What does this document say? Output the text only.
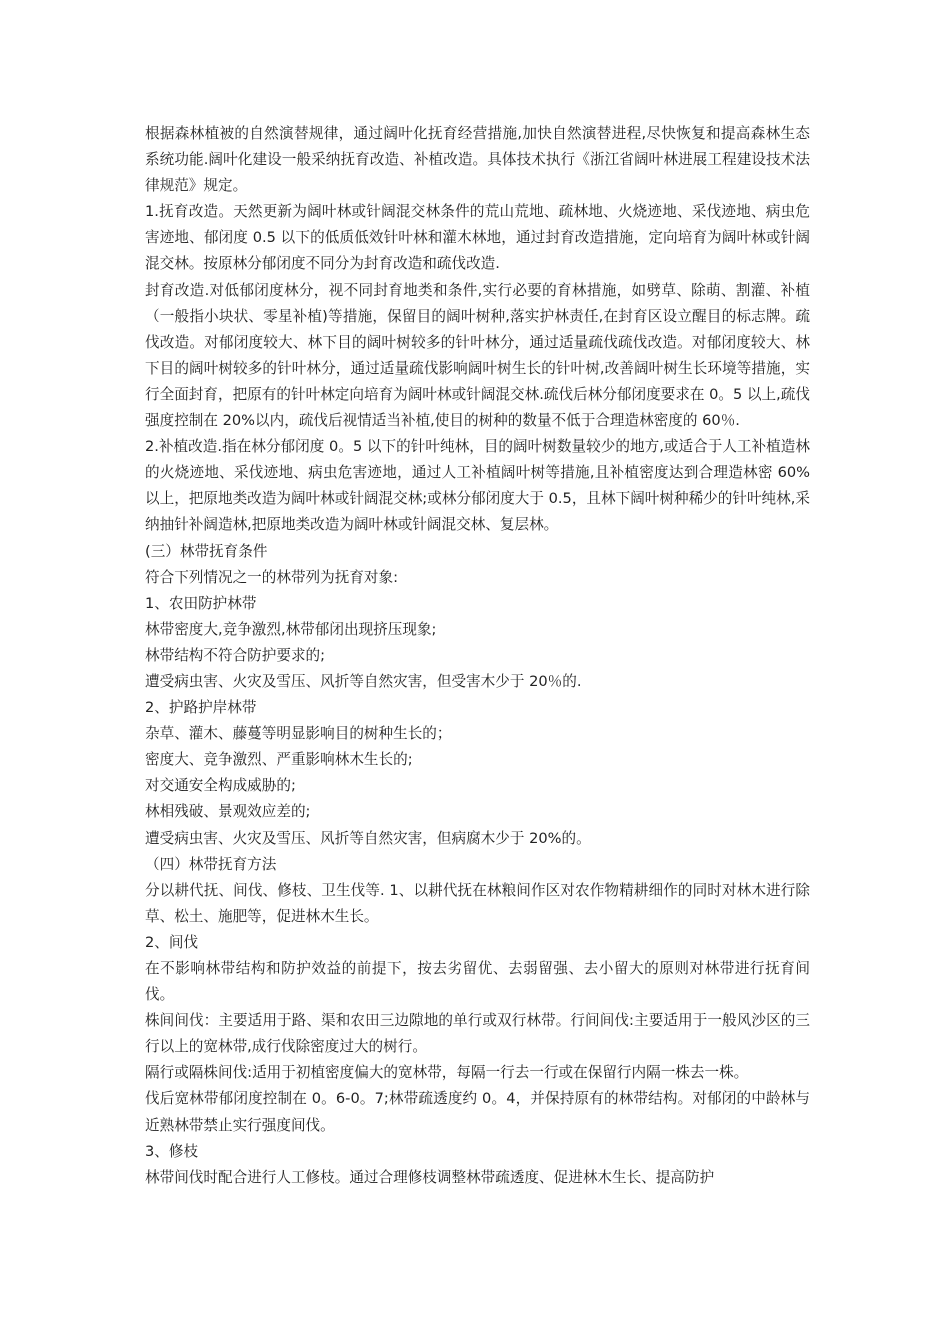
根据森林植被的自然演替规律，通过阔叶化抚育经营措施,加快自然演替进程,尽快恢复和提高森林生态系统功能.阔叶化建设一般采纳抚育改造、补植改造。具体技术执行《浙江省阔叶林进展工程建设技术法律规范》规定。

1.抚育改造。天然更新为阔叶林或针阔混交林条件的荒山荒地、疏林地、火烧迹地、采伐迹地、病虫危害迹地、郁闭度 0.5 以下的低质低效针叶林和灌木林地，通过封育改造措施，定向培育为阔叶林或针阔混交林。按原林分郁闭度不同分为封育改造和疏伐改造.

封育改造.对低郁闭度林分，视不同封育地类和条件,实行必要的育林措施，如劈草、除萌、割灌、补植（一般指小块状、零星补植)等措施，保留目的阔叶树种,落实护林责任,在封育区设立醒目的标志牌。疏伐改造。对郁闭度较大、林下目的阔叶树较多的针叶林分，通过适量疏伐疏伐改造。对郁闭度较大、林下目的阔叶树较多的针叶林分，通过适量疏伐影响阔叶树生长的针叶树,改善阔叶树生长环境等措施，实行全面封育，把原有的针叶林定向培育为阔叶林或针阔混交林.疏伐后林分郁闭度要求在 0。5 以上,疏伐强度控制在 20%以内，疏伐后视情适当补植,使目的树种的数量不低于合理造林密度的 60％.

2.补植改造.指在林分郁闭度 0。5 以下的针叶纯林，目的阔叶树数量较少的地方,或适合于人工补植造林的火烧迹地、采伐迹地、病虫危害迹地，通过人工补植阔叶树等措施,且补植密度达到合理造林密 60%以上，把原地类改造为阔叶林或针阔混交林;或林分郁闭度大于 0.5，且林下阔叶树种稀少的针叶纯林,采纳抽针补阔造林,把原地类改造为阔叶林或针阔混交林、复层林。

(三）林带抚育条件

符合下列情况之一的林带列为抚育对象:

1、农田防护林带

林带密度大,竞争激烈,林带郁闭出现挤压现象;

林带结构不符合防护要求的;

遭受病虫害、火灾及雪压、风折等自然灾害，但受害木少于 20％的.

2、护路护岸林带

杂草、灌木、藤蔓等明显影响目的树种生长的；

密度大、竞争激烈、严重影响林木生长的;

对交通安全构成威胁的;

林相残破、景观效应差的;

遭受病虫害、火灾及雪压、风折等自然灾害，但病腐木少于 20%的。

（四）林带抚育方法

分以耕代抚、间伐、修枝、卫生伐等. 1、以耕代抚在林粮间作区对农作物精耕细作的同时对林木进行除草、松土、施肥等，促进林木生长。

2、间伐

在不影响林带结构和防护效益的前提下，按去劣留优、去弱留强、去小留大的原则对林带进行抚育间伐。

株间间伐：主要适用于路、渠和农田三边隙地的单行或双行林带。行间间伐:主要适用于一般风沙区的三行以上的宽林带,成行伐除密度过大的树行。

隔行或隔株间伐:适用于初植密度偏大的宽林带，每隔一行去一行或在保留行内隔一株去一株。

伐后宽林带郁闭度控制在 0。6-0。7;林带疏透度约 0。4，并保持原有的林带结构。对郁闭的中龄林与近熟林带禁止实行强度间伐。

3、修枝

林带间伐时配合进行人工修枝。通过合理修枝调整林带疏透度、促进林木生长、提高防护
